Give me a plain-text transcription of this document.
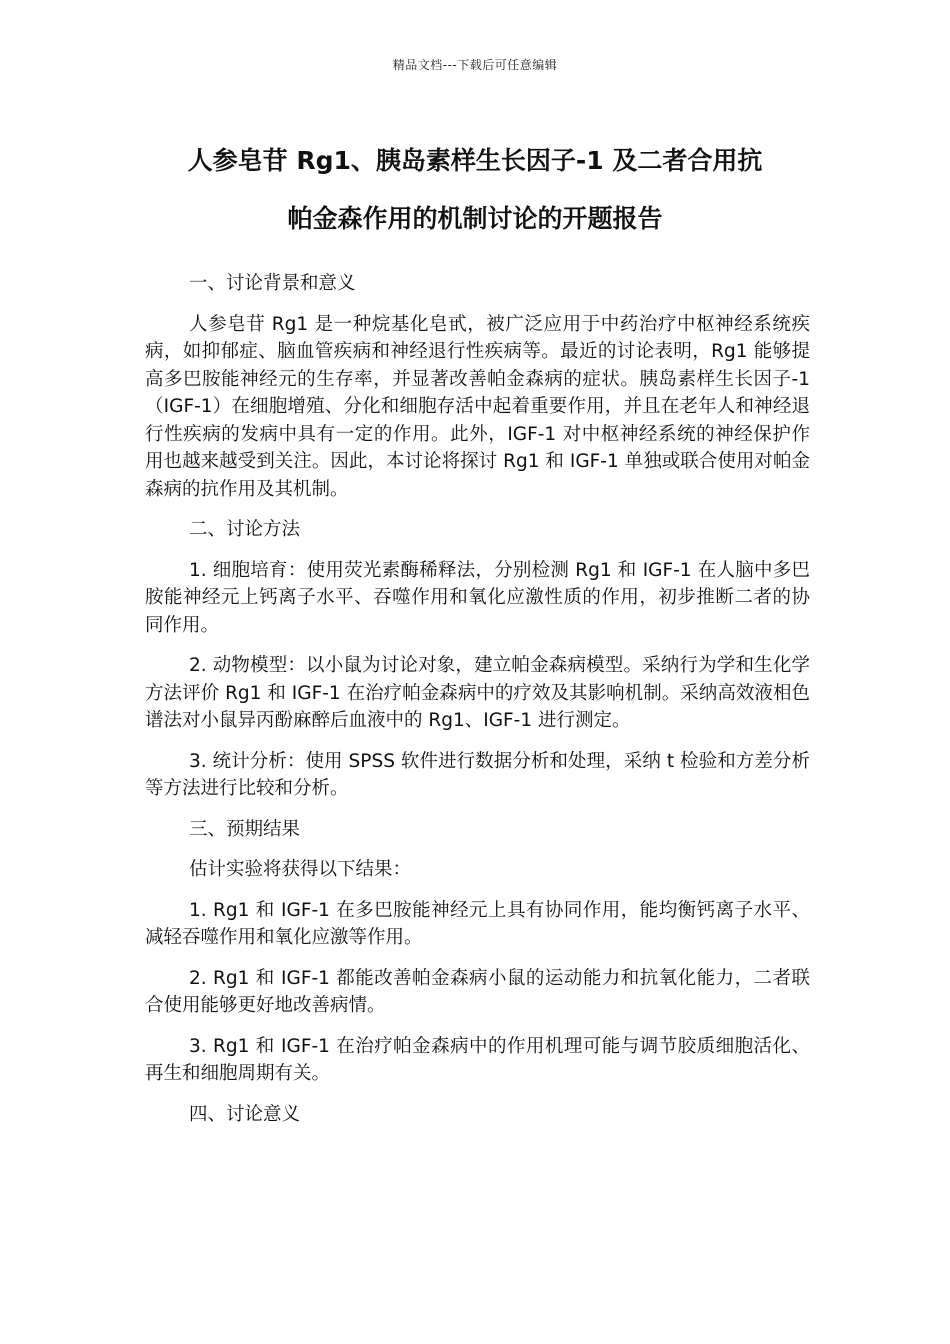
精品文档---下载后可任意编辑
人参皂苷 Rg1、胰岛素样生长因子-1 及二者合用抗
帕金森作用的机制讨论的开题报告
一、讨论背景和意义
人参皂苷 Rg1 是一种烷基化皂甙，被广泛应用于中药治疗中枢神经系统疾病，如抑郁症、脑血管疾病和神经退行性疾病等。最近的讨论表明，Rg1 能够提高多巴胺能神经元的生存率，并显著改善帕金森病的症状。胰岛素样生长因子-1（IGF-1）在细胞增殖、分化和细胞存活中起着重要作用，并且在老年人和神经退行性疾病的发病中具有一定的作用。此外，IGF-1 对中枢神经系统的神经保护作用也越来越受到关注。因此，本讨论将探讨 Rg1 和 IGF-1 单独或联合使用对帕金森病的抗作用及其机制。
二、讨论方法
1. 细胞培育：使用荧光素酶稀释法，分别检测 Rg1 和 IGF-1 在人脑中多巴胺能神经元上钙离子水平、吞噬作用和氧化应激性质的作用，初步推断二者的协同作用。
2. 动物模型：以小鼠为讨论对象，建立帕金森病模型。采纳行为学和生化学方法评价 Rg1 和 IGF-1 在治疗帕金森病中的疗效及其影响机制。采纳高效液相色谱法对小鼠异丙酚麻醉后血液中的 Rg1、IGF-1 进行测定。
3. 统计分析：使用 SPSS 软件进行数据分析和处理，采纳 t 检验和方差分析等方法进行比较和分析。
三、预期结果
估计实验将获得以下结果：
1. Rg1 和 IGF-1 在多巴胺能神经元上具有协同作用，能均衡钙离子水平、减轻吞噬作用和氧化应激等作用。
2. Rg1 和 IGF-1 都能改善帕金森病小鼠的运动能力和抗氧化能力，二者联合使用能够更好地改善病情。
3. Rg1 和 IGF-1 在治疗帕金森病中的作用机理可能与调节胶质细胞活化、再生和细胞周期有关。
四、讨论意义
